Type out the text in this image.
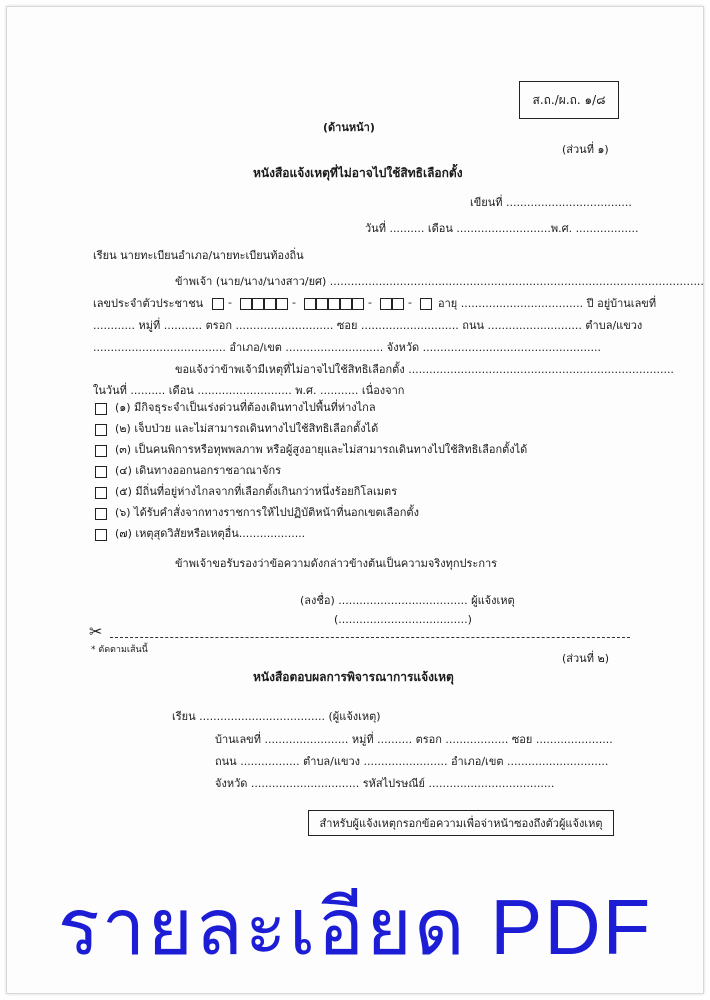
ส.ถ./ผ.ถ. ๑/๘
(ด้านหน้า)
(ส่วนที่ ๑)
หนังสือแจ้งเหตุที่ไม่อาจไปใช้สิทธิเลือกตั้ง
เขียนที่ ....................................
วันที่ .......... เดือน ...........................พ.ศ. ..................
เรียน นายทะเบียนอำเภอ/นายทะเบียนท้องถิ่น
ข้าพเจ้า (นาย/นาง/นางสาว/ยศ) ...........................................................................................................
เลขประจำตัวประชาชน -	-	-	- อายุ ................................... ปี อยู่บ้านเลขที่
............ หมู่ที่ ........... ตรอก ............................ ซอย ............................ ถนน ........................... ตำบล/แขวง
...................................... อำเภอ/เขต ............................ จังหวัด ...................................................
ขอแจ้งว่าข้าพเจ้ามีเหตุที่ไม่อาจไปใช้สิทธิเลือกตั้ง ............................................................................
ในวันที่ .......... เดือน ........................... พ.ศ. ........... เนื่องจาก
(๑) มีกิจธุระจำเป็นเร่งด่วนที่ต้องเดินทางไปพื้นที่ห่างไกล
(๒) เจ็บป่วย และไม่สามารถเดินทางไปใช้สิทธิเลือกตั้งได้
(๓) เป็นคนพิการหรือทุพพลภาพ หรือผู้สูงอายุและไม่สามารถเดินทางไปใช้สิทธิเลือกตั้งได้
(๔) เดินทางออกนอกราชอาณาจักร
(๕) มีถิ่นที่อยู่ห่างไกลจากที่เลือกตั้งเกินกว่าหนึ่งร้อยกิโลเมตร
(๖) ได้รับคำสั่งจากทางราชการให้ไปปฏิบัติหน้าที่นอกเขตเลือกตั้ง
(๗) เหตุสุดวิสัยหรือเหตุอื่น...................
ข้าพเจ้าขอรับรองว่าข้อความดังกล่าวข้างต้นเป็นความจริงทุกประการ
(ลงชื่อ) ..................................... ผู้แจ้งเหตุ
(.....................................)
✂
* ตัดตามเส้นนี้
(ส่วนที่ ๒)
หนังสือตอบผลการพิจารณาการแจ้งเหตุ
เรียน .................................... (ผู้แจ้งเหตุ)
บ้านเลขที่ ........................ หมู่ที่ .......... ตรอก .................. ซอย ......................
ถนน ................. ตำบล/แขวง ........................ อำเภอ/เขต .............................
จังหวัด ............................... รหัสไปรษณีย์ ....................................
สำหรับผู้แจ้งเหตุกรอกข้อความเพื่อจ่าหน้าซองถึงตัวผู้แจ้งเหตุ
รายละเอียด PDF
